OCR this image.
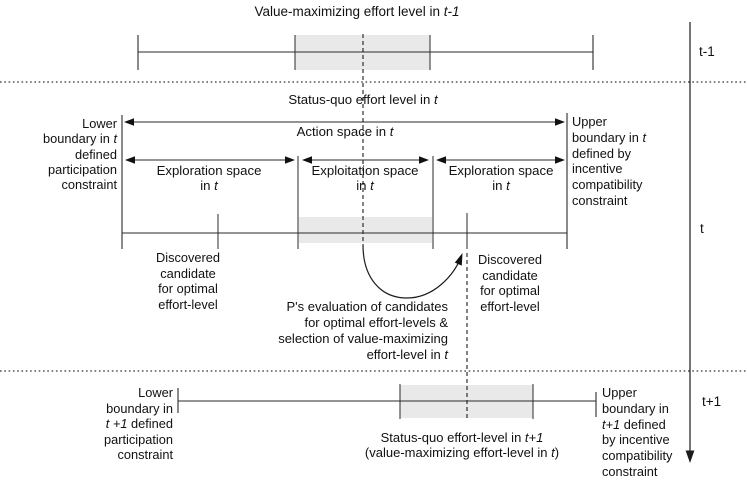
Value-maximizing effort level in t-1
t-1
t
t+1
Status-quo effort level in t
Action space in t
Lower
boundary in t
defined
participation
constraint
Upper
boundary in t
defined by
incentive
compatibility
constraint
Exploration space
in t
Exploitation space
in t
Exploration space
in t
Discovered
candidate
for optimal
effort-level
Discovered
candidate
for optimal
effort-level
P's evaluation of candidates
for optimal effort-levels &
selection of value-maximizing
effort-level in t
Lower
boundary in
t +1 defined
participation
constraint
Status-quo effort-level in t+1
(value-maximizing effort-level in t)
Upper
boundary in
t+1 defined
by incentive
compatibility
constraint
